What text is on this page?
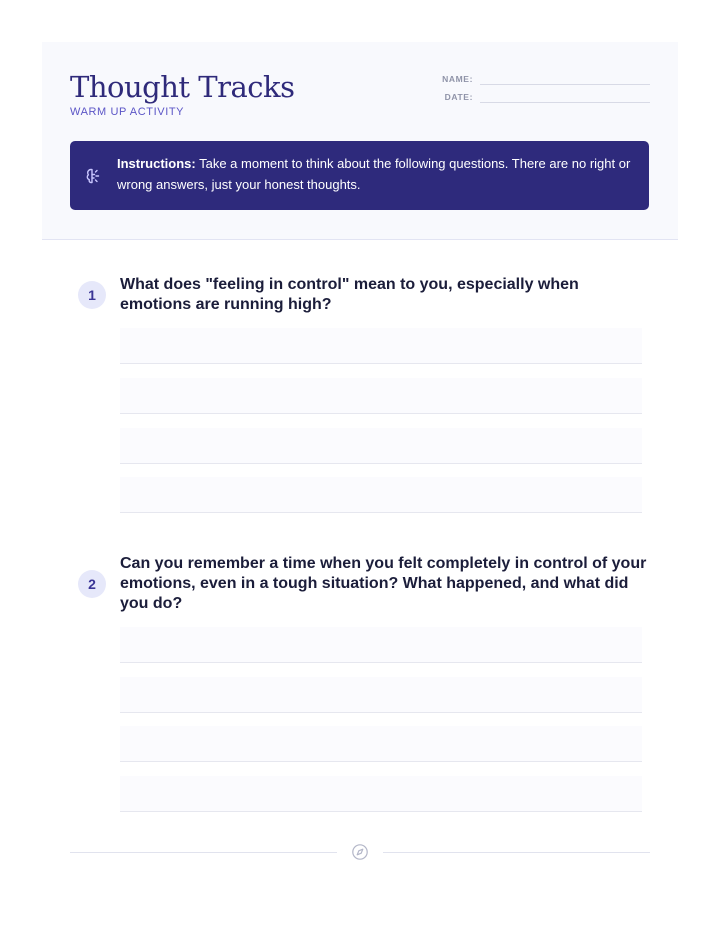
Thought Tracks
WARM UP ACTIVITY
NAME:
DATE:

Instructions: Take a moment to think about the following questions. There are no right or wrong answers, just your honest thoughts.

1

What does "feeling in control" mean to you, especially when emotions are running high?

2

Can you remember a time when you felt completely in control of your emotions, even in a tough situation? What happened, and what did you do?
